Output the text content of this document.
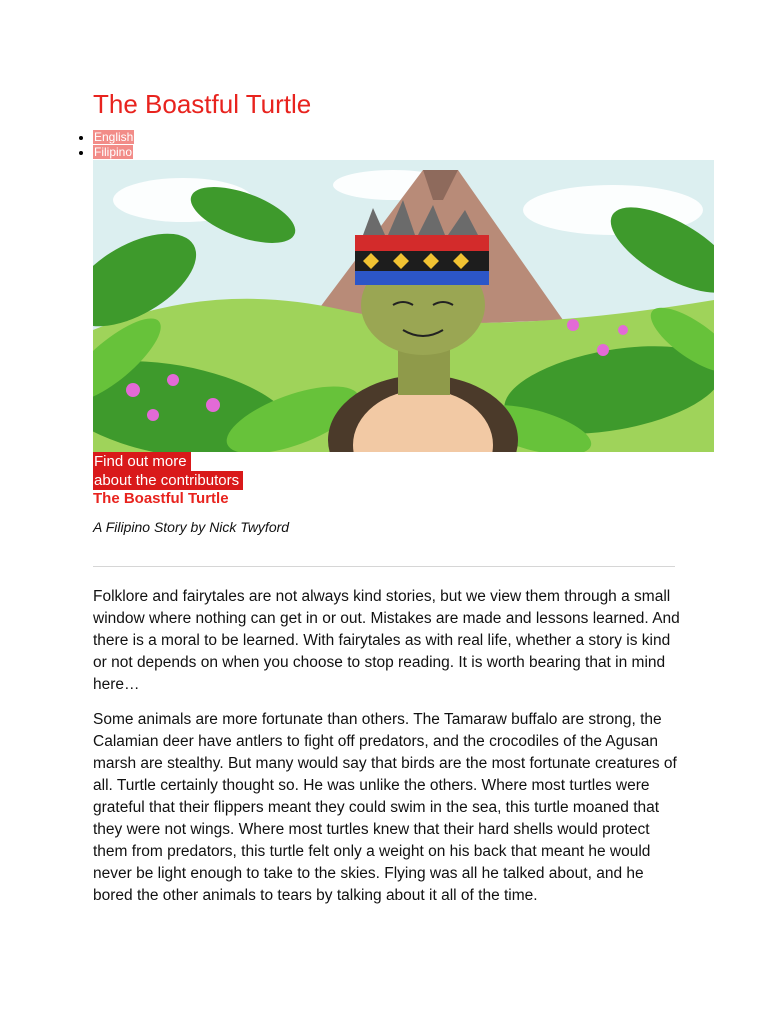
The Boastful Turtle
• English
• Filipino
Find out more
about the contributors
The Boastful Turtle

A Filipino Story by Nick Twyford

Folklore and fairytales are not always kind stories, but we view them through a small window where nothing can get in or out. Mistakes are made and lessons learned. And there is a moral to be learned. With fairytales as with real life, whether a story is kind or not depends on when you choose to stop reading. It is worth bearing that in mind here…

Some animals are more fortunate than others. The Tamaraw buffalo are strong, the Calamian deer have antlers to fight off predators, and the crocodiles of the Agusan marsh are stealthy. But many would say that birds are the most fortunate creatures of all. Turtle certainly thought so. He was unlike the others. Where most turtles were grateful that their flippers meant they could swim in the sea, this turtle moaned that they were not wings. Where most turtles knew that their hard shells would protect them from predators, this turtle felt only a weight on his back that meant he would never be light enough to take to the skies. Flying was all he talked about, and he bored the other animals to tears by talking about it all of the time.
